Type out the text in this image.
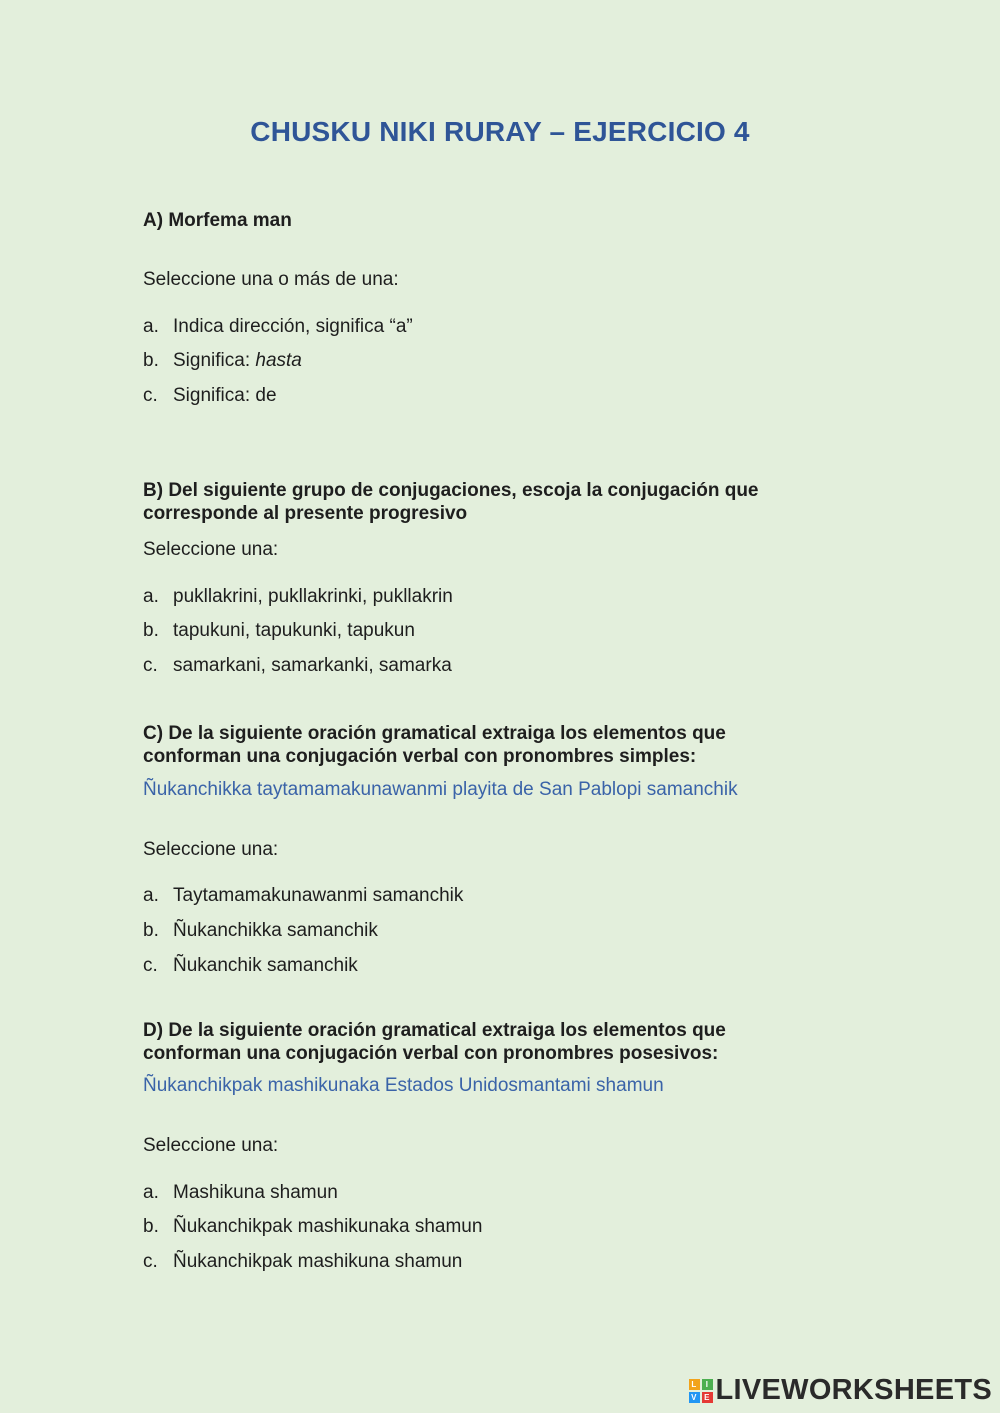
CHUSKU NIKI RURAY – EJERCICIO 4
A) Morfema man
Seleccione una o más de una:
a. Indica dirección, significa “a”
b. Significa: hasta
c. Significa: de
B) Del siguiente grupo de conjugaciones, escoja la conjugación que corresponde al presente progresivo
Seleccione una:
a. pukllakrini, pukllakrinki, pukllakrin
b. tapukuni, tapukunki, tapukun
c. samarkani, samarkanki, samarka
C) De la siguiente oración gramatical extraiga los elementos que conforman una conjugación verbal con pronombres simples:
Ñukanchikka taytamamakunawanmi playita de San Pablopi samanchik
Seleccione una:
a. Taytamamakunawanmi samanchik
b. Ñukanchikka samanchik
c. Ñukanchik samanchik
D) De la siguiente oración gramatical extraiga los elementos que conforman una conjugación verbal con pronombres posesivos:
Ñukanchikpak mashikunaka Estados Unidosmantami shamun
Seleccione una:
a. Mashikuna shamun
b. Ñukanchikpak mashikunaka shamun
c. Ñukanchikpak mashikuna shamun
L	I
V E LIVEWORKSHEETS
